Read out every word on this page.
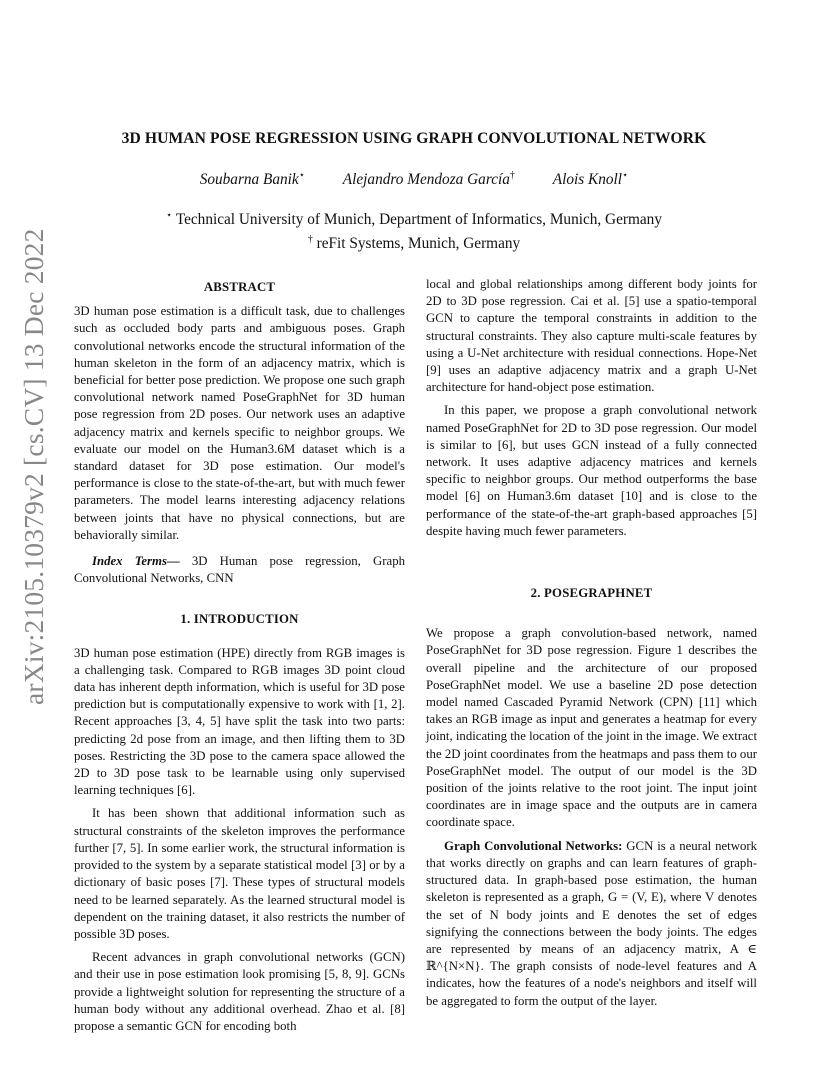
arXiv:2105.10379v2 [cs.CV] 13 Dec 2022
3D HUMAN POSE REGRESSION USING GRAPH CONVOLUTIONAL NETWORK
Soubarna Banik⋆ Alejandro Mendoza García† Alois Knoll⋆
⋆ Technical University of Munich, Department of Informatics, Munich, Germany
† reFit Systems, Munich, Germany
ABSTRACT

3D human pose estimation is a difficult task, due to challenges such as occluded body parts and ambiguous poses. Graph convolutional networks encode the structural information of the human skeleton in the form of an adjacency matrix, which is beneficial for better pose prediction. We propose one such graph convolutional network named PoseGraphNet for 3D human pose regression from 2D poses. Our network uses an adaptive adjacency matrix and kernels specific to neighbor groups. We evaluate our model on the Human3.6M dataset which is a standard dataset for 3D pose estimation. Our model's performance is close to the state-of-the-art, but with much fewer parameters. The model learns interesting adjacency relations between joints that have no physical connections, but are behaviorally similar.

Index Terms— 3D Human pose regression, Graph Convolutional Networks, CNN

1. INTRODUCTION

3D human pose estimation (HPE) directly from RGB images is a challenging task. Compared to RGB images 3D point cloud data has inherent depth information, which is useful for 3D pose prediction but is computationally expensive to work with [1, 2]. Recent approaches [3, 4, 5] have split the task into two parts: predicting 2d pose from an image, and then lifting them to 3D poses. Restricting the 3D pose to the camera space allowed the 2D to 3D pose task to be learnable using only supervised learning techniques [6].

It has been shown that additional information such as structural constraints of the skeleton improves the performance further [7, 5]. In some earlier work, the structural information is provided to the system by a separate statistical model [3] or by a dictionary of basic poses [7]. These types of structural models need to be learned separately. As the learned structural model is dependent on the training dataset, it also restricts the number of possible 3D poses.

Recent advances in graph convolutional networks (GCN) and their use in pose estimation look promising [5, 8, 9]. GCNs provide a lightweight solution for representing the structure of a human body without any additional overhead. Zhao et al. [8] propose a semantic GCN for encoding both

local and global relationships among different body joints for 2D to 3D pose regression. Cai et al. [5] use a spatio-temporal GCN to capture the temporal constraints in addition to the structural constraints. They also capture multi-scale features by using a U-Net architecture with residual connections. Hope-Net [9] uses an adaptive adjacency matrix and a graph U-Net architecture for hand-object pose estimation.

In this paper, we propose a graph convolutional network named PoseGraphNet for 2D to 3D pose regression. Our model is similar to [6], but uses GCN instead of a fully connected network. It uses adaptive adjacency matrices and kernels specific to neighbor groups. Our method outperforms the base model [6] on Human3.6m dataset [10] and is close to the performance of the state-of-the-art graph-based approaches [5] despite having much fewer parameters.

2. POSEGRAPHNET

We propose a graph convolution-based network, named PoseGraphNet for 3D pose regression. Figure 1 describes the overall pipeline and the architecture of our proposed PoseGraphNet model. We use a baseline 2D pose detection model named Cascaded Pyramid Network (CPN) [11] which takes an RGB image as input and generates a heatmap for every joint, indicating the location of the joint in the image. We extract the 2D joint coordinates from the heatmaps and pass them to our PoseGraphNet model. The output of our model is the 3D position of the joints relative to the root joint. The input joint coordinates are in image space and the outputs are in camera coordinate space.

Graph Convolutional Networks: GCN is a neural network that works directly on graphs and can learn features of graph-structured data. In graph-based pose estimation, the human skeleton is represented as a graph, G = (V, E), where V denotes the set of N body joints and E denotes the set of edges signifying the connections between the body joints. The edges are represented by means of an adjacency matrix, A ∈ ℝ^{N×N}. The graph consists of node-level features and A indicates, how the features of a node's neighbors and itself will be aggregated to form the output of the layer.
